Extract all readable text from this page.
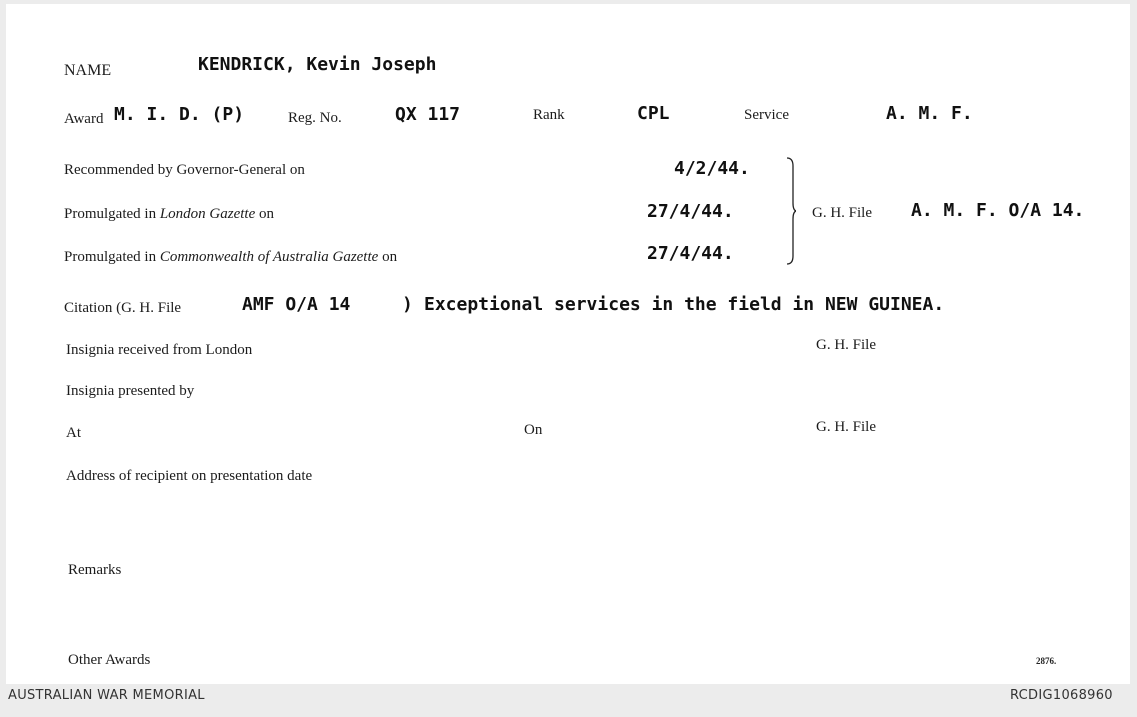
NAME	KENDRICK, Kevin Joseph
Award M. I. D. (P)	Reg. No.	QX 117	Rank	CPL	Service	A. M. F.
Recommended by Governor-General on	4/2/44.
Promulgated in London Gazette on	27/4/44.
Promulgated in Commonwealth of Australia Gazette on	27/4/44.
G. H. File A. M. F. O/A 14.
Citation (G. H. File	AMF O/A 14	) Exceptional services in the field in NEW GUINEA.
Insignia received from London	G. H. File
Insignia presented by
At	On	G. H. File
Address of recipient on presentation date
Remarks
Other Awards	2876.
AUSTRALIAN WAR MEMORIAL	RCDIG1068960
